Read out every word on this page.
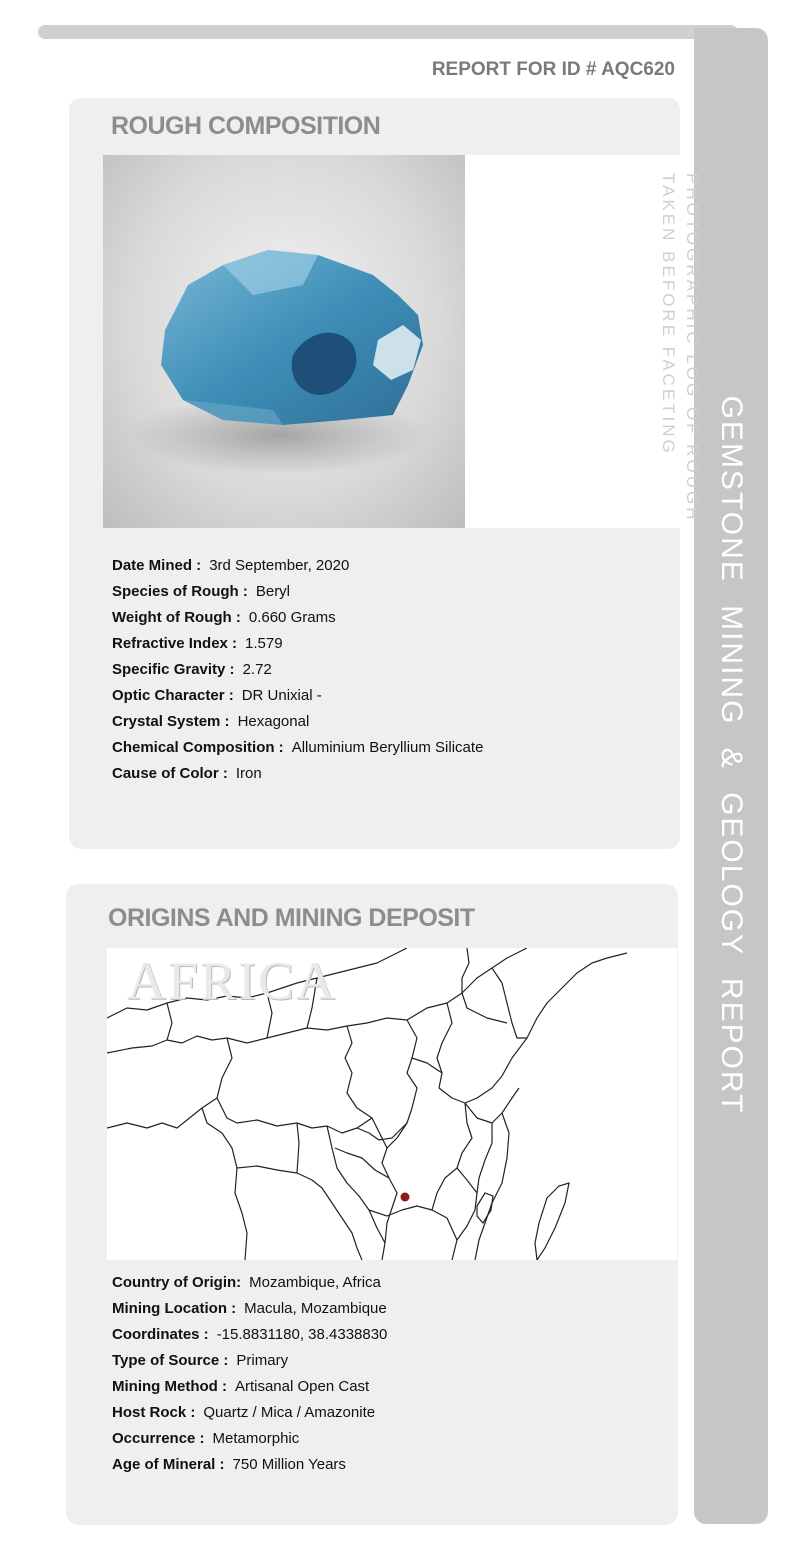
GEMSTONE MINING & GEOLOGY REPORT
REPORT FOR ID # AQC620
ROUGH COMPOSITION
PHOTOGRAPHIC LOG OF ROUGH
TAKEN BEFORE FACETING
Date Mined : 3rd September, 2020
Species of Rough : Beryl
Weight of Rough : 0.660 Grams
Refractive Index : 1.579
Specific Gravity : 2.72
Optic Character : DR Unixial -
Crystal System : Hexagonal
Chemical Composition : Alluminium Beryllium Silicate
Cause of Color : Iron
ORIGINS AND MINING DEPOSIT
AFRICA
Country of Origin: Mozambique, Africa
Mining Location : Macula, Mozambique
Coordinates : -15.8831180, 38.4338830
Type of Source : Primary
Mining Method : Artisanal Open Cast
Host Rock : Quartz / Mica / Amazonite
Occurrence : Metamorphic
Age of Mineral : 750 Million Years
